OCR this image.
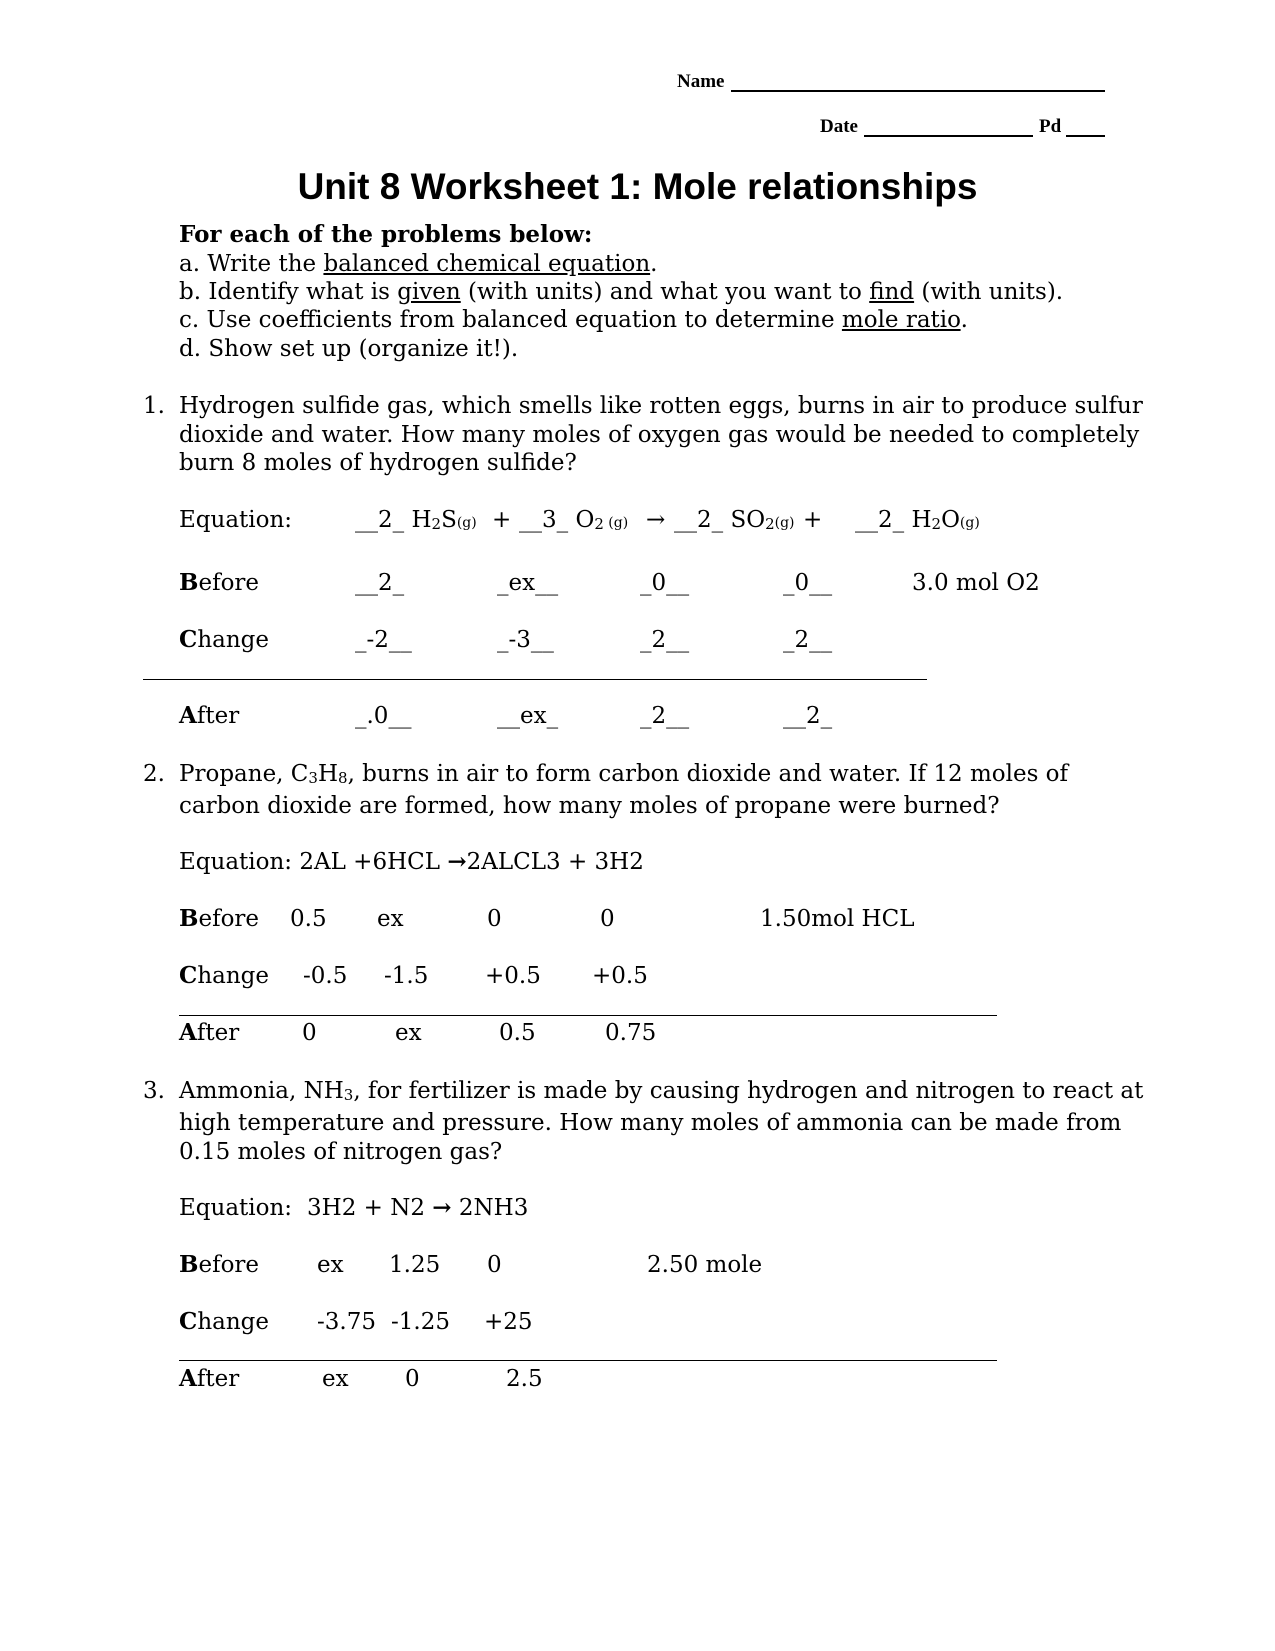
Name
Date	Pd
Unit 8 Worksheet 1: Mole relationships
For each of the problems below:
a. Write the balanced chemical equation.
b. Identify what is given (with units) and what you want to find (with units).
c. Use coefficients from balanced equation to determine mole ratio.
d. Show set up (organize it!).
1. Hydrogen sulfide gas, which smells like rotten eggs, burns in air to produce sulfur
dioxide and water. How many moles of oxygen gas would be needed to completely
burn 8 moles of hydrogen sulfide?
Equation:	__2_ H2S(g) + __3_ O2 (g) → __2_ SO2(g) + __2_ H2O(g)
Before	__2_	_ex__	_0__	_0__	3.0 mol O2
Change	_-2__	_-3__	_2__	_2__
After	_.0__	__ex_	_2__	__2_
2. Propane, C3H8, burns in air to form carbon dioxide and water. If 12 moles of
carbon dioxide are formed, how many moles of propane were burned?
Equation: 2AL +6HCL →2ALCL3 + 3H2
Before 0.5 ex	0	0	1.50mol HCL
Change -0.5 -1.5 +0.5 +0.5
After	0	ex	0.5	0.75
3. Ammonia, NH3, for fertilizer is made by causing hydrogen and nitrogen to react at
high temperature and pressure. How many moles of ammonia can be made from
0.15 moles of nitrogen gas?
Equation: 3H2 + N2 → 2NH3
Before	ex 1.25 0	2.50 mole
Change -3.75 -1.25 +25
After	ex 0	2.5
